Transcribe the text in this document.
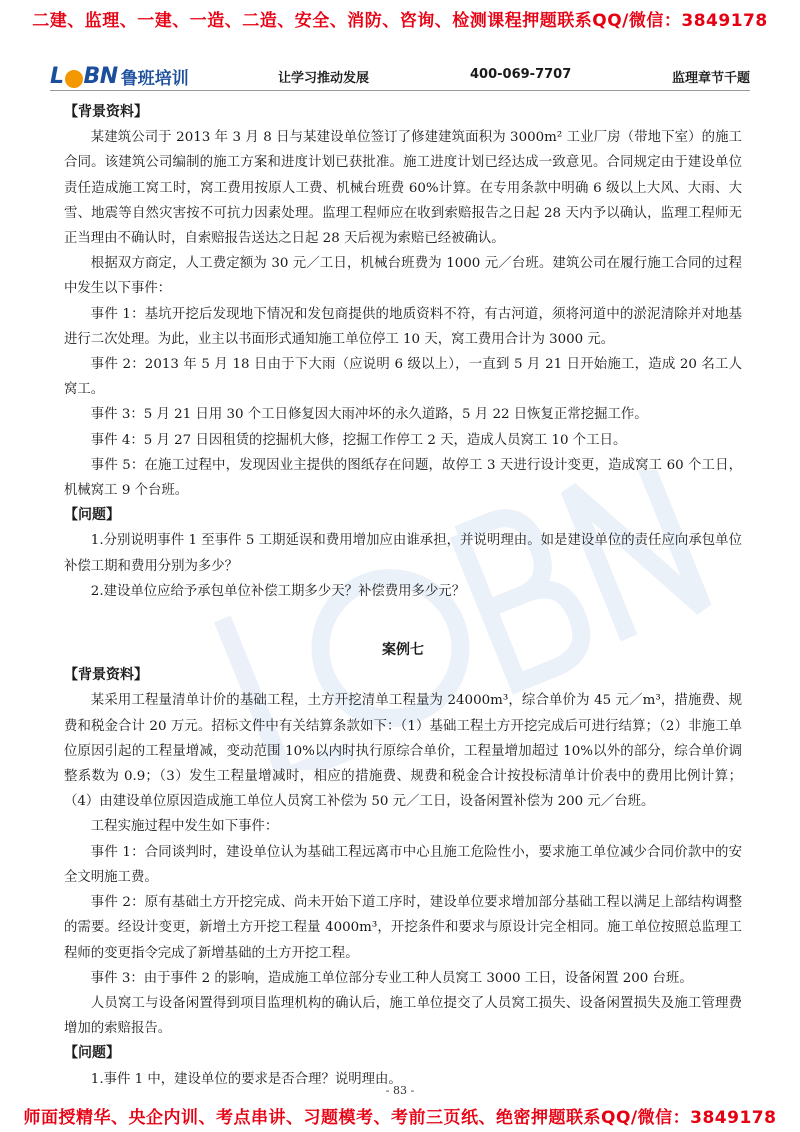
二建、监理、一建、一造、二造、安全、消防、咨询、检测课程押题联系QQ/微信：3849178
L BN 鲁班培训	让学习推动发展	400-069-7707	监理章节千题

【背景资料】

某建筑公司于 2013 年 3 月 8 日与某建设单位签订了修建建筑面积为 3000m² 工业厂房（带地下室）的施工合同。该建筑公司编制的施工方案和进度计划已获批准。施工进度计划已经达成一致意见。合同规定由于建设单位责任造成施工窝工时，窝工费用按原人工费、机械台班费 60%计算。在专用条款中明确 6 级以上大风、大雨、大雪、地震等自然灾害按不可抗力因素处理。监理工程师应在收到索赔报告之日起 28 天内予以确认，监理工程师无正当理由不确认时，自索赔报告送达之日起 28 天后视为索赔已经被确认。

根据双方商定，人工费定额为 30 元／工日，机械台班费为 1000 元／台班。建筑公司在履行施工合同的过程中发生以下事件：

事件 1：基坑开挖后发现地下情况和发包商提供的地质资料不符，有古河道，须将河道中的淤泥清除并对地基进行二次处理。为此，业主以书面形式通知施工单位停工 10 天，窝工费用合计为 3000 元。

事件 2：2013 年 5 月 18 日由于下大雨（应说明 6 级以上），一直到 5 月 21 日开始施工，造成 20 名工人窝工。

事件 3：5 月 21 日用 30 个工日修复因大雨冲坏的永久道路，5 月 22 日恢复正常挖掘工作。

事件 4：5 月 27 日因租赁的挖掘机大修，挖掘工作停工 2 天，造成人员窝工 10 个工日。

事件 5：在施工过程中，发现因业主提供的图纸存在问题，故停工 3 天进行设计变更，造成窝工 60 个工日，机械窝工 9 个台班。

【问题】

1.分别说明事件 1 至事件 5 工期延误和费用增加应由谁承担，并说明理由。如是建设单位的责任应向承包单位补偿工期和费用分别为多少？

2.建设单位应给予承包单位补偿工期多少天？补偿费用多少元？

案例七

【背景资料】

某采用工程量清单计价的基础工程，土方开挖清单工程量为 24000m³，综合单价为 45 元／m³，措施费、规费和税金合计 20 万元。招标文件中有关结算条款如下：（1）基础工程土方开挖完成后可进行结算；（2）非施工单位原因引起的工程量增减，变动范围 10%以内时执行原综合单价，工程量增加超过 10%以外的部分，综合单价调整系数为 0.9；（3）发生工程量增减时，相应的措施费、规费和税金合计按投标清单计价表中的费用比例计算；（4）由建设单位原因造成施工单位人员窝工补偿为 50 元／工日，设备闲置补偿为 200 元／台班。

工程实施过程中发生如下事件：

事件 1：合同谈判时，建设单位认为基础工程远离市中心且施工危险性小，要求施工单位减少合同价款中的安全文明施工费。

事件 2：原有基础土方开挖完成、尚未开始下道工序时，建设单位要求增加部分基础工程以满足上部结构调整的需要。经设计变更，新增土方开挖工程量 4000m³，开挖条件和要求与原设计完全相同。施工单位按照总监理工程师的变更指令完成了新增基础的土方开挖工程。

事件 3：由于事件 2 的影响，造成施工单位部分专业工种人员窝工 3000 工日，设备闲置 200 台班。

人员窝工与设备闲置得到项目监理机构的确认后，施工单位提交了人员窝工损失、设备闲置损失及施工管理费增加的索赔报告。

【问题】

1.事件 1 中，建设单位的要求是否合理？说明理由。

- 83 -
师面授精华、央企内训、考点串讲、习题模考、考前三页纸、绝密押题联系QQ/微信：3849178
